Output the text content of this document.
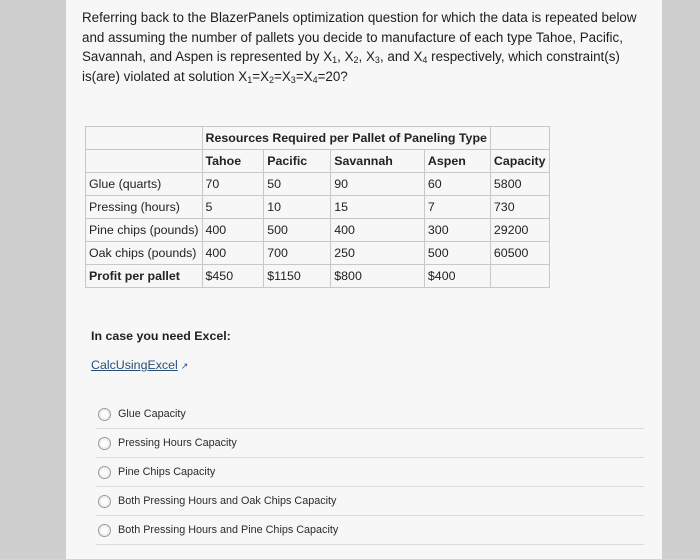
Referring back to the BlazerPanels optimization question for which the data is repeated below and assuming the number of pallets you decide to manufacture of each type Tahoe, Pacific, Savannah, and Aspen is represented by $X_1$, $X_2$, $X_3$, and $X_4$ respectively, which constraint(s) is(are) violated at solution $X_1=X_2=X_3=X_4=20$?
	Resources Required per Pallet of Paneling Type				
	Tahoe	Pacific	Savannah	Aspen	Capacity
Glue (quarts)	70	50	90	60	5800
Pressing (hours)	5	10	15	7	730
Pine chips (pounds)	400	500	400	300	29200
Oak chips (pounds)	400	700	250	500	60500
Profit per pallet	$450	$1150	$800	$400	
In case you need Excel:
CalcUsingExcel ↗
Glue Capacity
Pressing Hours Capacity
Pine Chips Capacity
Both Pressing Hours and Oak Chips Capacity
Both Pressing Hours and Pine Chips Capacity
